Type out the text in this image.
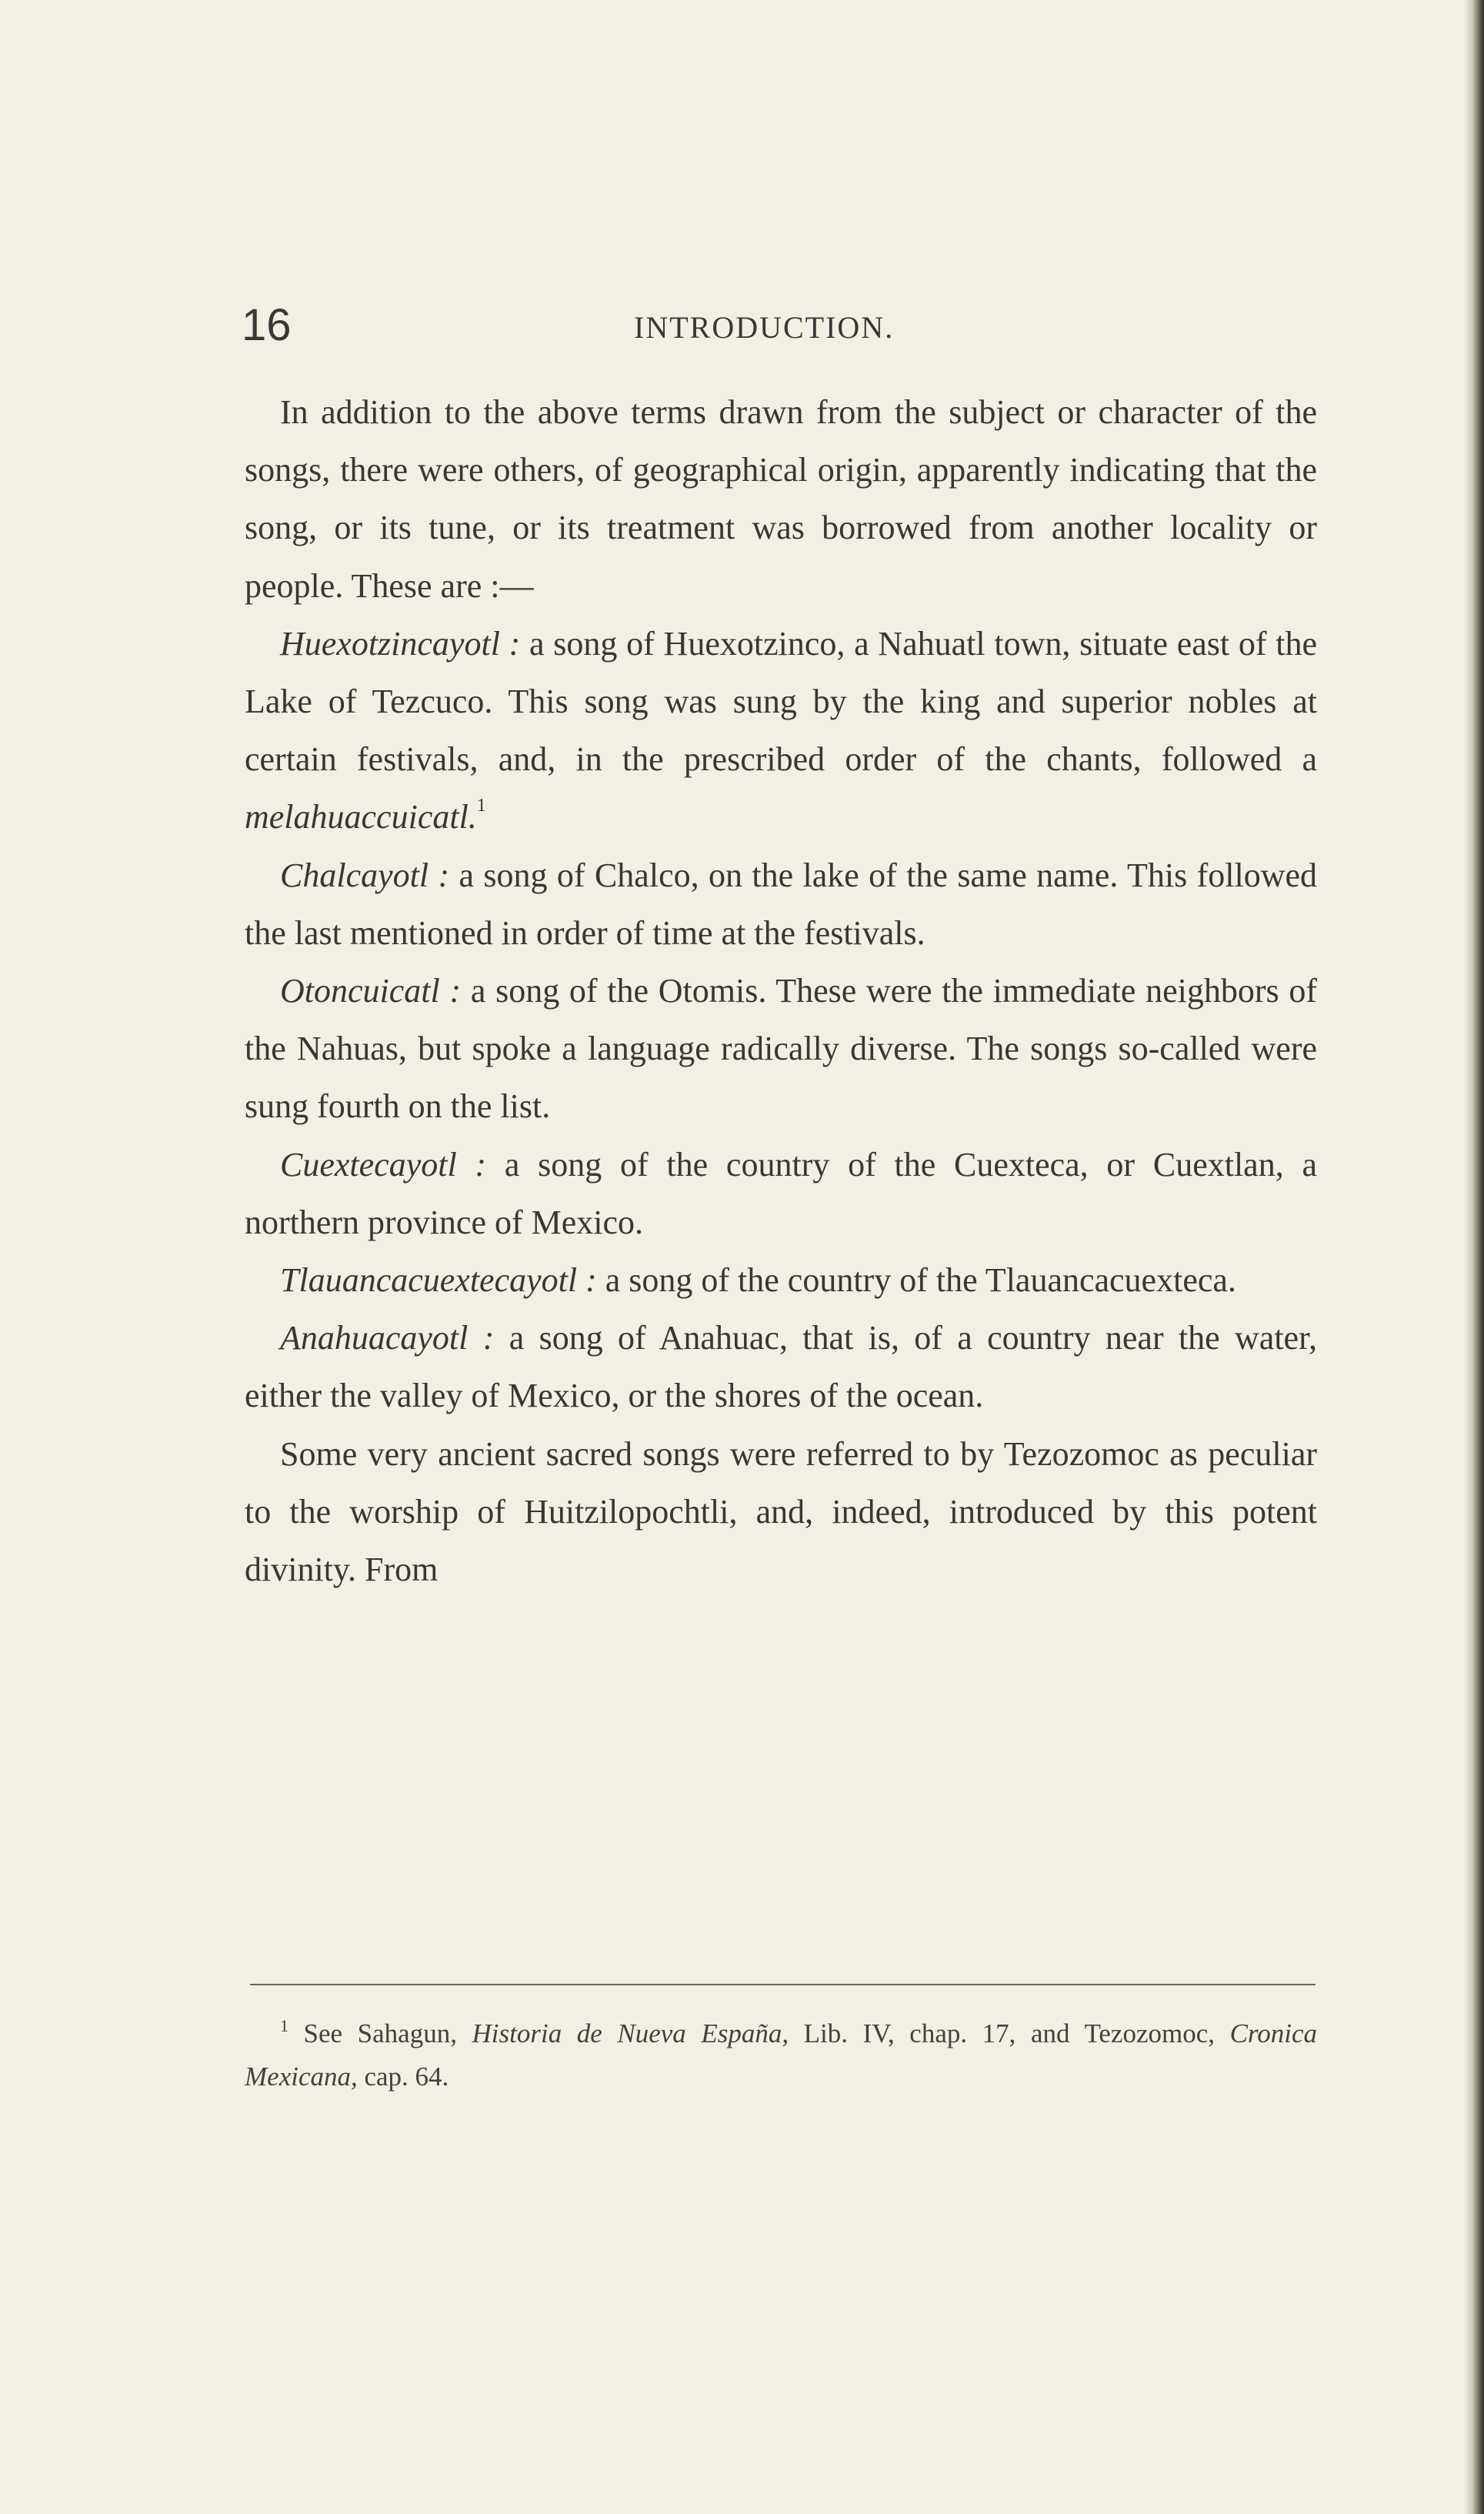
16	INTRODUCTION.

In addition to the above terms drawn from the subject or character of the songs, there were others, of geographical origin, apparently indicating that the song, or its tune, or its treatment was borrowed from another locality or people. These are :—

Huexotzincayotl : a song of Huexotzinco, a Nahuatl town, situate east of the Lake of Tezcuco. This song was sung by the king and superior nobles at certain festivals, and, in the prescribed order of the chants, followed a melahuaccuicatl.$^1$

Chalcayotl : a song of Chalco, on the lake of the same name. This followed the last mentioned in order of time at the festivals.

Otoncuicatl : a song of the Otomis. These were the immediate neighbors of the Nahuas, but spoke a language radically diverse. The songs so-called were sung fourth on the list.

Cuextecayotl : a song of the country of the Cuexteca, or Cuextlan, a northern province of Mexico.

Tlauancacuextecayotl : a song of the country of the Tlauancacuexteca.

Anahuacayotl : a song of Anahuac, that is, of a country near the water, either the valley of Mexico, or the shores of the ocean.

Some very ancient sacred songs were referred to by Tezozomoc as peculiar to the worship of Huitzilopochtli, and, indeed, introduced by this potent divinity. From

$^1$ See Sahagun, Historia de Nueva España, Lib. IV, chap. 17, and Tezozomoc, Cronica Mexicana, cap. 64.
